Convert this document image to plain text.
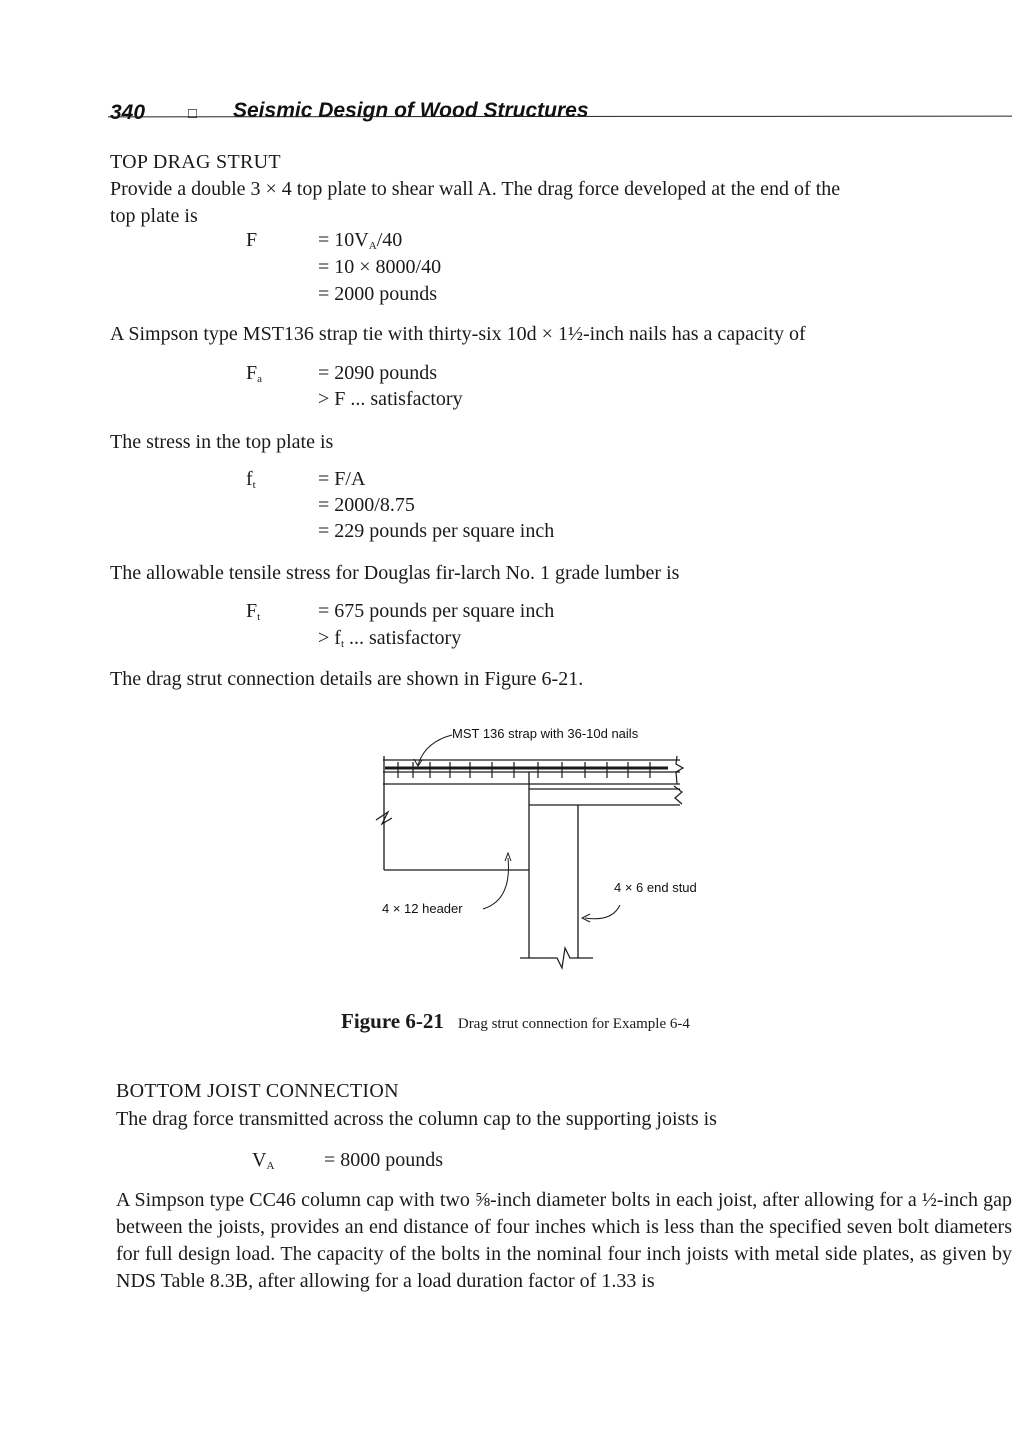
340	□ Seismic Design of Wood Structures
TOP DRAG STRUT
Provide a double 3 × 4 top plate to shear wall A. The drag force developed at the end of the
top plate is
F	= $10V_A/40$
= 10 × 8000/40
= 2000 pounds
A Simpson type MST136 strap tie with thirty-six 10d × 1½-inch nails has a capacity of
$F_a$	= 2090 pounds
> F ... satisfactory
The stress in the top plate is
$f_t$	= F/A
= 2000/8.75
= 229 pounds per square inch
The allowable tensile stress for Douglas fir-larch No. 1 grade lumber is
$F_t$	= 675 pounds per square inch
> $f_t$ ... satisfactory
The drag strut connection details are shown in Figure 6-21.
MST 136 strap with 36-10d nails
4 × 6 end stud
4 × 12 header
Figure 6-21 Drag strut connection for Example 6-4
BOTTOM JOIST CONNECTION
The drag force transmitted across the column cap to the supporting joists is
$V_A = 8000$ pounds
A Simpson type CC46 column cap with two ⅝-inch diameter bolts in each joist, after allowing for a ½-inch gap between the joists, provides an end distance of four inches which is less than the specified seven bolt diameters for full design load. The capacity of the bolts in the nominal four inch joists with metal side plates, as given by NDS Table 8.3B, after allowing for a load duration factor of 1.33 is
